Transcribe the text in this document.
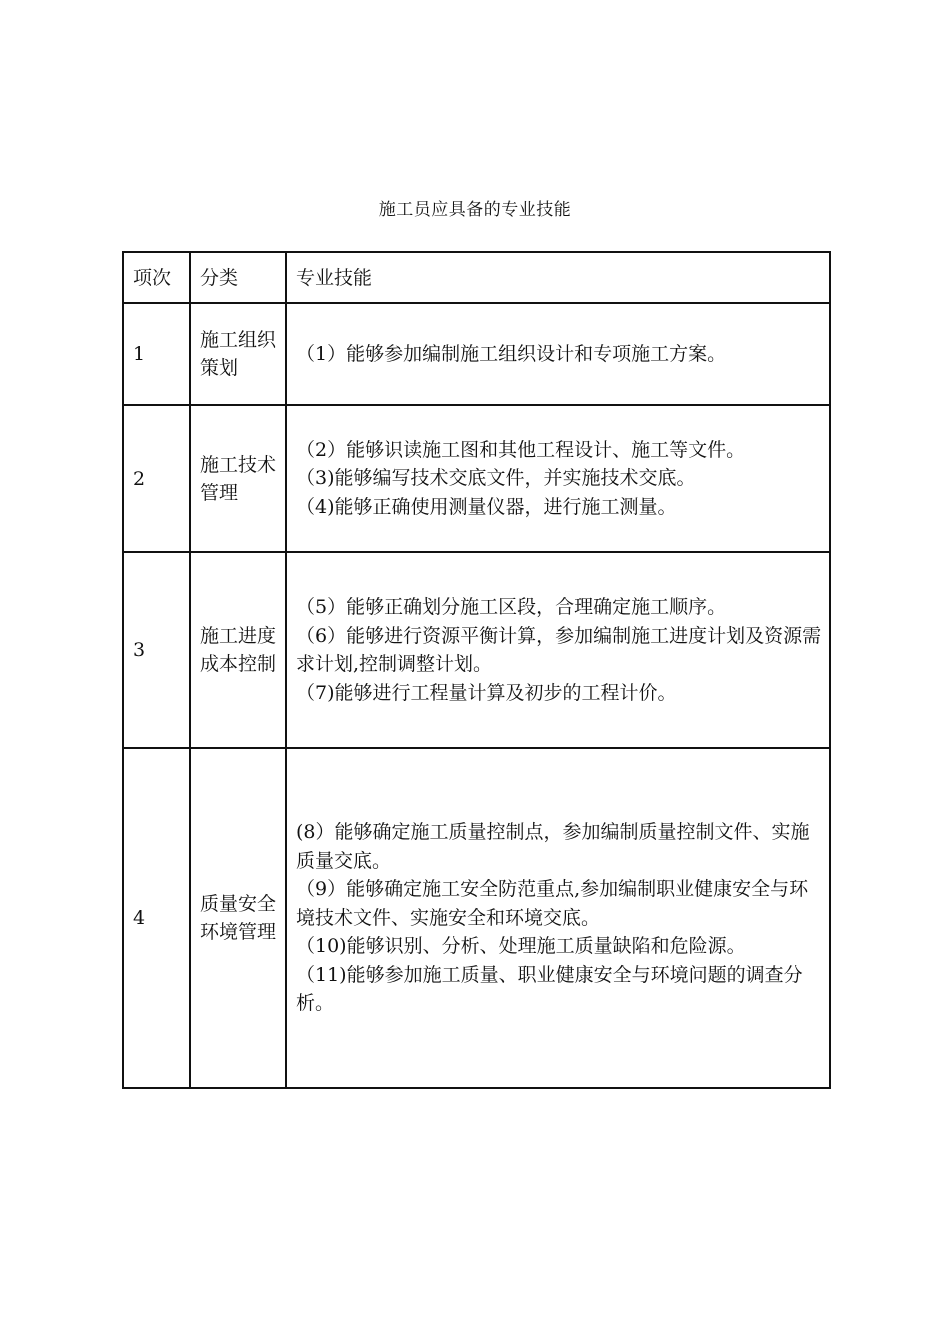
施工员应具备的专业技能
项次	分类	专业技能

1	施工组织策划	（1）能够参加编制施工组织设计和专项施工方案。

2	施工技术管理	（2）能够识读施工图和其他工程设计、施工等文件。
（3)能够编写技术交底文件，并实施技术交底。
（4)能够正确使用测量仪器，进行施工测量。

3	施工进度成本控制	（5）能够正确划分施工区段，合理确定施工顺序。
（6）能够进行资源平衡计算，参加编制施工进度计划及资源需求计划,控制调整计划。
（7)能够进行工程量计算及初步的工程计价。

4	质量安全环境管理	(8）能够确定施工质量控制点，参加编制质量控制文件、实施质量交底。
（9）能够确定施工安全防范重点,参加编制职业健康安全与环境技术文件、实施安全和环境交底。
（10)能够识别、分析、处理施工质量缺陷和危险源。
（11)能够参加施工质量、职业健康安全与环境问题的调查分析。
